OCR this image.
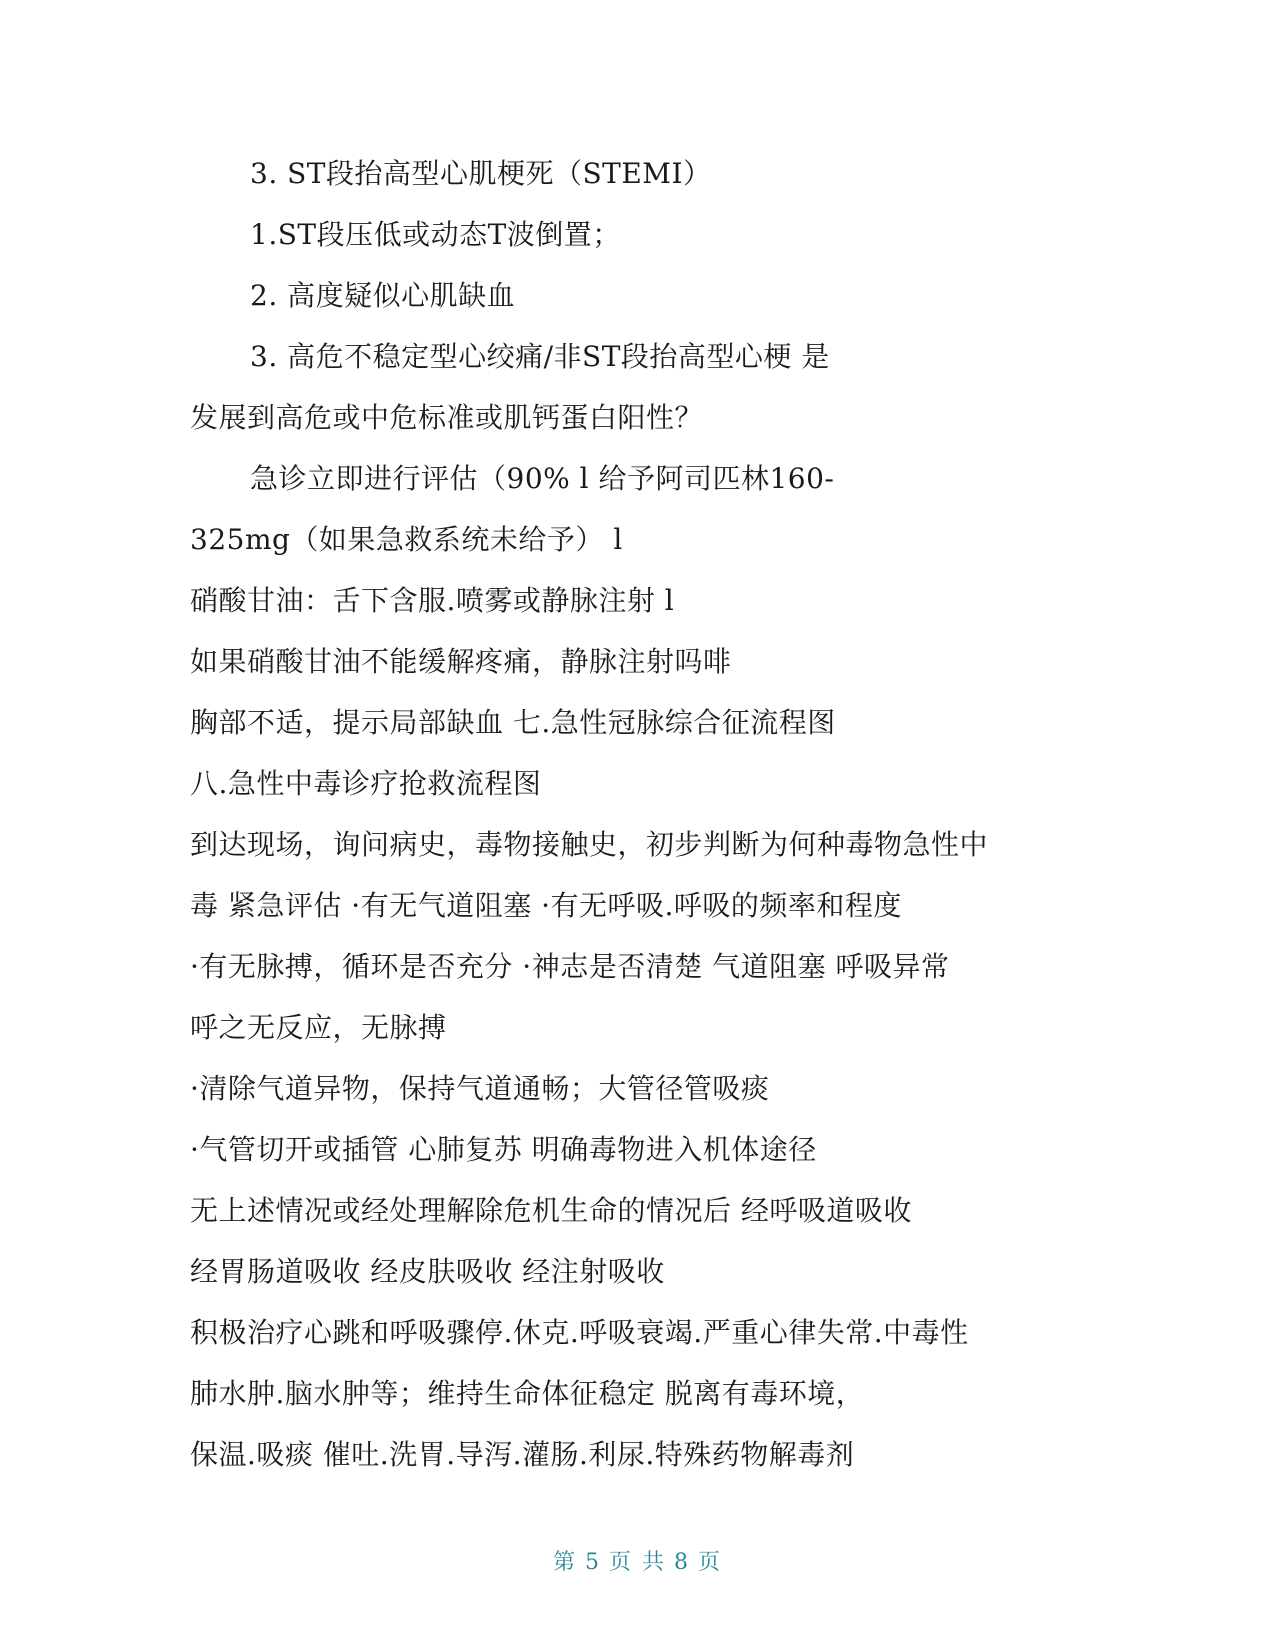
3. ST段抬高型心肌梗死（STEMI）
1.ST段压低或动态T波倒置；
2. 高度疑似心肌缺血
3. 高危不稳定型心绞痛/非ST段抬高型心梗 是
发展到高危或中危标准或肌钙蛋白阳性？
急诊立即进行评估（90% l 给予阿司匹林160-
325mg（如果急救系统未给予） l
硝酸甘油：舌下含服.喷雾或静脉注射 l
如果硝酸甘油不能缓解疼痛，静脉注射吗啡
胸部不适，提示局部缺血 七.急性冠脉综合征流程图
八.急性中毒诊疗抢救流程图
到达现场，询问病史，毒物接触史，初步判断为何种毒物急性中
毒 紧急评估 ·有无气道阻塞 ·有无呼吸.呼吸的频率和程度
·有无脉搏，循环是否充分 ·神志是否清楚 气道阻塞 呼吸异常
呼之无反应，无脉搏
·清除气道异物，保持气道通畅；大管径管吸痰
·气管切开或插管 心肺复苏 明确毒物进入机体途径
无上述情况或经处理解除危机生命的情况后 经呼吸道吸收
经胃肠道吸收 经皮肤吸收 经注射吸收
积极治疗心跳和呼吸骤停.休克.呼吸衰竭.严重心律失常.中毒性
肺水肿.脑水肿等；维持生命体征稳定 脱离有毒环境，
保温.吸痰 催吐.洗胃.导泻.灌肠.利尿.特殊药物解毒剂
第 5 页 共 8 页
